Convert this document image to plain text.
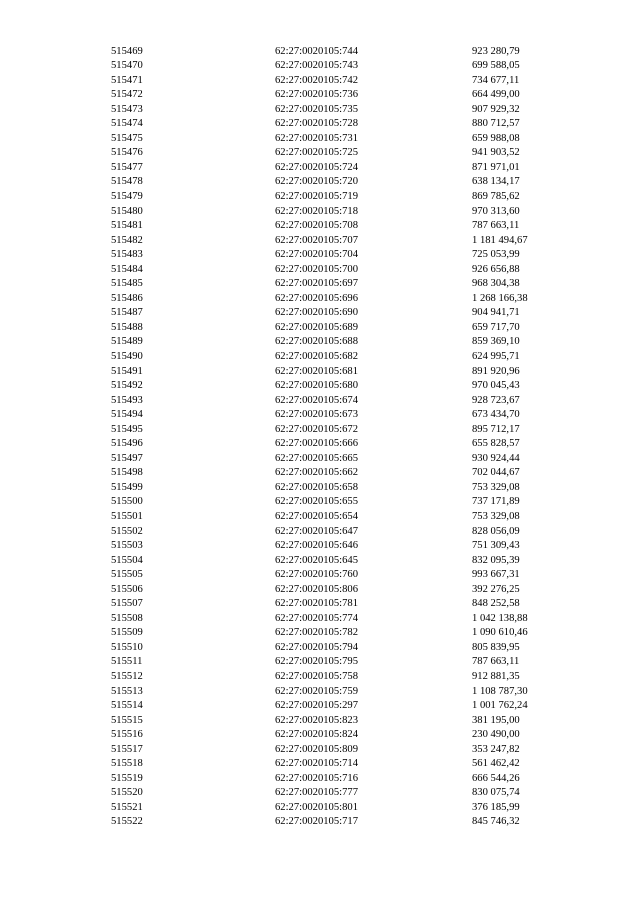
515469	62:27:0020105:744	923 280,79
515470	62:27:0020105:743	699 588,05
515471	62:27:0020105:742	734 677,11
515472	62:27:0020105:736	664 499,00
515473	62:27:0020105:735	907 929,32
515474	62:27:0020105:728	880 712,57
515475	62:27:0020105:731	659 988,08
515476	62:27:0020105:725	941 903,52
515477	62:27:0020105:724	871 971,01
515478	62:27:0020105:720	638 134,17
515479	62:27:0020105:719	869 785,62
515480	62:27:0020105:718	970 313,60
515481	62:27:0020105:708	787 663,11
515482	62:27:0020105:707	1 181 494,67
515483	62:27:0020105:704	725 053,99
515484	62:27:0020105:700	926 656,88
515485	62:27:0020105:697	968 304,38
515486	62:27:0020105:696	1 268 166,38
515487	62:27:0020105:690	904 941,71
515488	62:27:0020105:689	659 717,70
515489	62:27:0020105:688	859 369,10
515490	62:27:0020105:682	624 995,71
515491	62:27:0020105:681	891 920,96
515492	62:27:0020105:680	970 045,43
515493	62:27:0020105:674	928 723,67
515494	62:27:0020105:673	673 434,70
515495	62:27:0020105:672	895 712,17
515496	62:27:0020105:666	655 828,57
515497	62:27:0020105:665	930 924,44
515498	62:27:0020105:662	702 044,67
515499	62:27:0020105:658	753 329,08
515500	62:27:0020105:655	737 171,89
515501	62:27:0020105:654	753 329,08
515502	62:27:0020105:647	828 056,09
515503	62:27:0020105:646	751 309,43
515504	62:27:0020105:645	832 095,39
515505	62:27:0020105:760	993 667,31
515506	62:27:0020105:806	392 276,25
515507	62:27:0020105:781	848 252,58
515508	62:27:0020105:774	1 042 138,88
515509	62:27:0020105:782	1 090 610,46
515510	62:27:0020105:794	805 839,95
515511	62:27:0020105:795	787 663,11
515512	62:27:0020105:758	912 881,35
515513	62:27:0020105:759	1 108 787,30
515514	62:27:0020105:297	1 001 762,24
515515	62:27:0020105:823	381 195,00
515516	62:27:0020105:824	230 490,00
515517	62:27:0020105:809	353 247,82
515518	62:27:0020105:714	561 462,42
515519	62:27:0020105:716	666 544,26
515520	62:27:0020105:777	830 075,74
515521	62:27:0020105:801	376 185,99
515522	62:27:0020105:717	845 746,32
